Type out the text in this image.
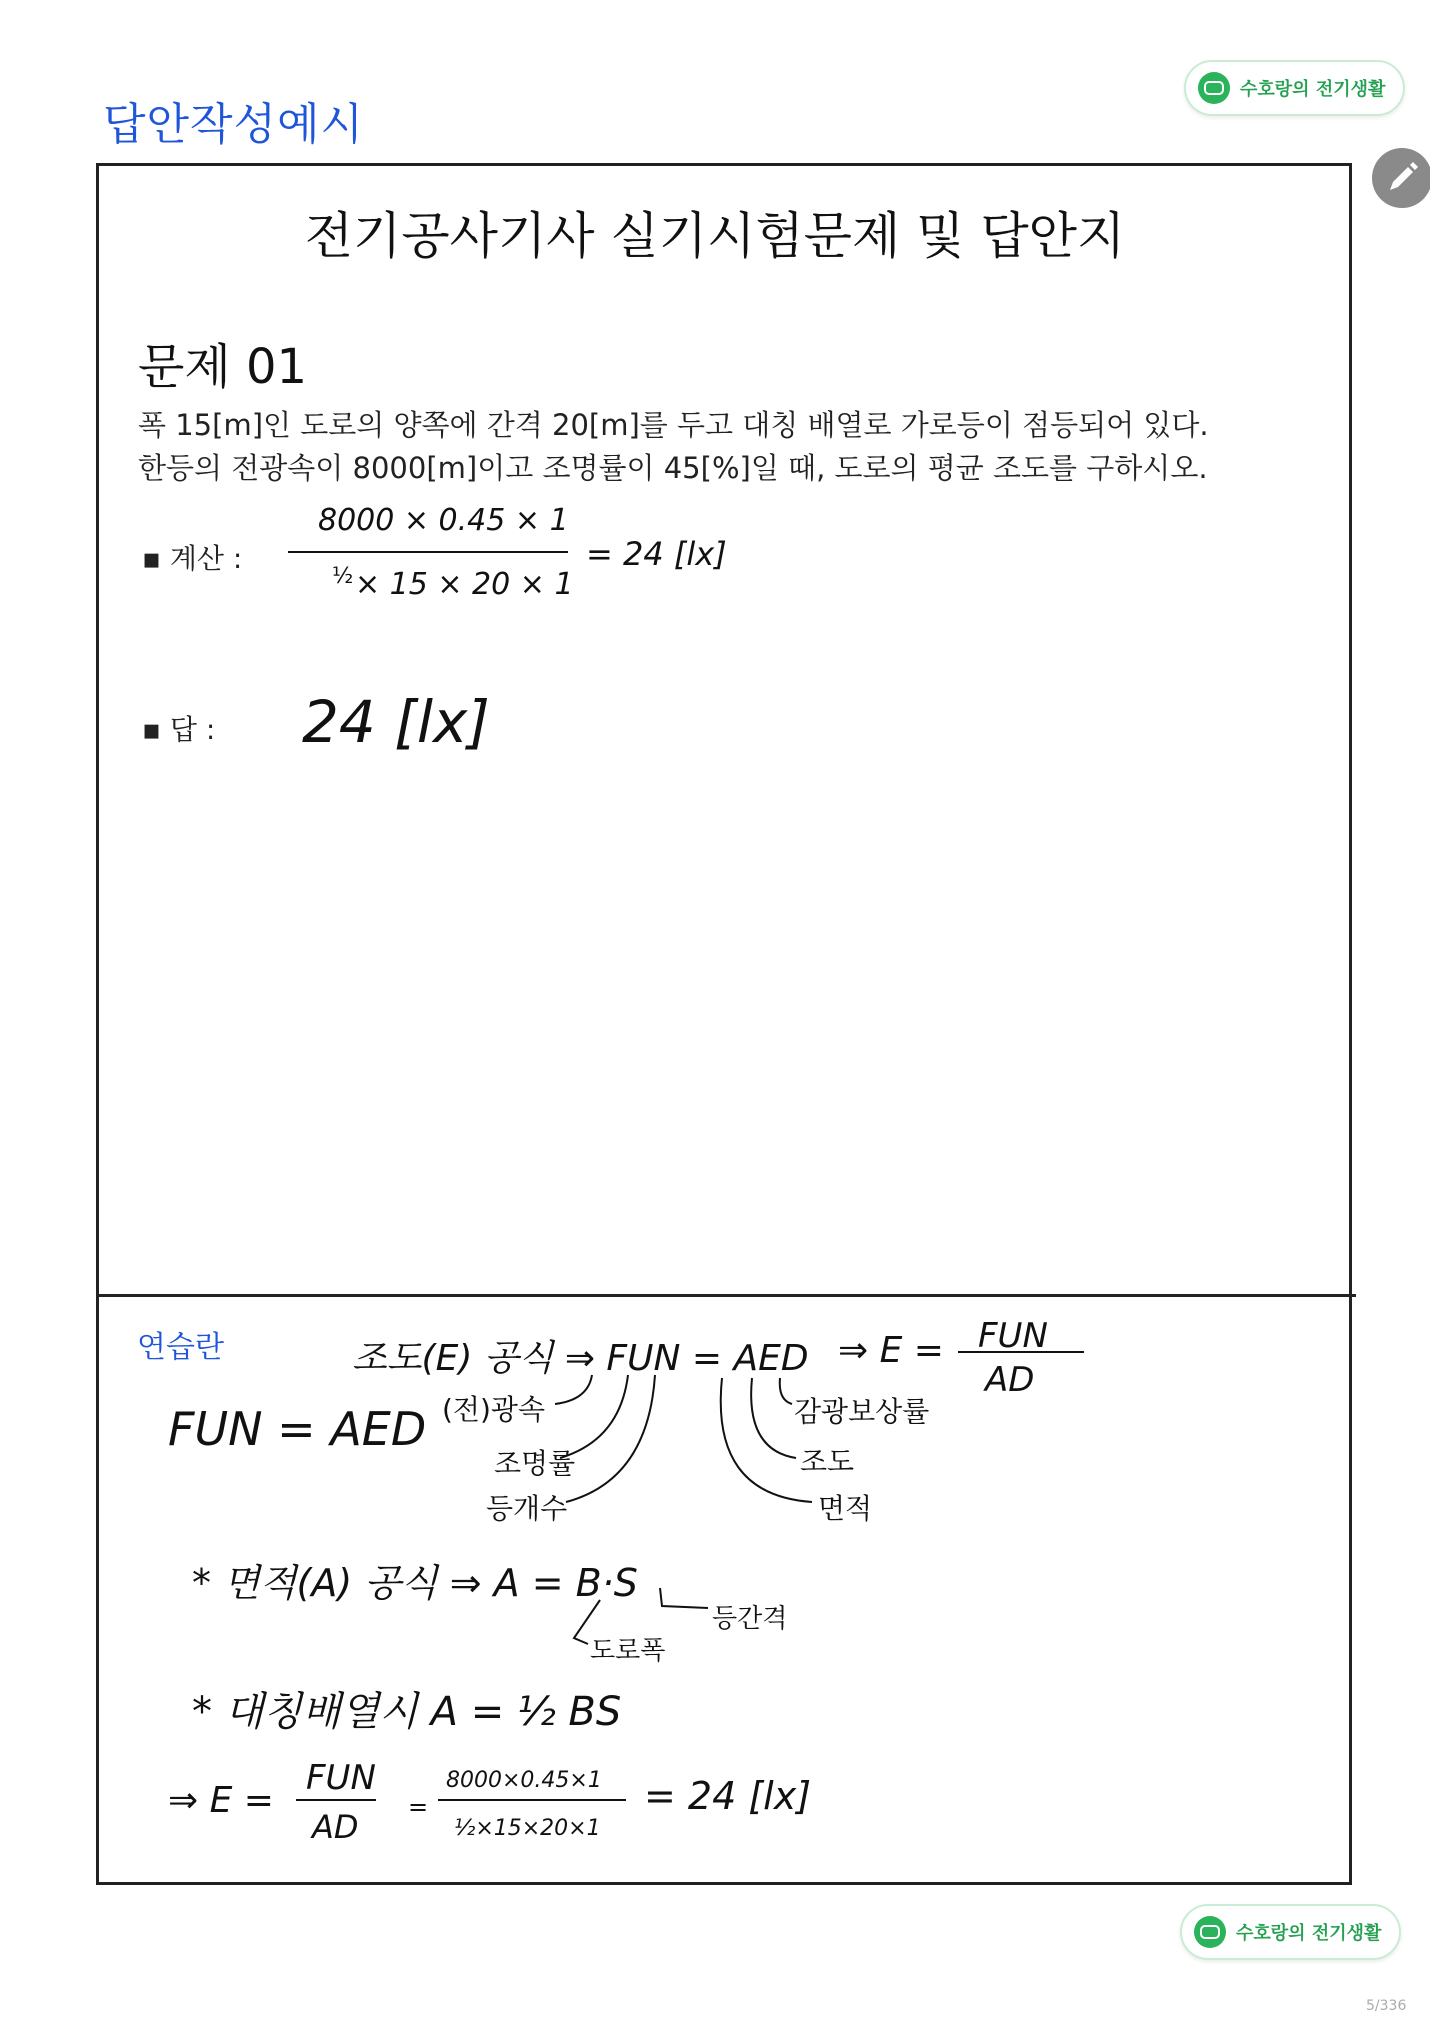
답안작성예시
수호랑의 전기생활
전기공사기사 실기시험문제 및 답안지
문제 01
폭 15[m]인 도로의 양쪽에 간격 20[m]를 두고 대칭 배열로 가로등이 점등되어 있다.
한등의 전광속이 8000[m]이고 조명률이 45[%]일 때, 도로의 평균 조도를 구하시오.
▪ 계산 :
8000 × 0.45 × 1
× 15 × 20 × 1
= 24 [lx]
▪ 답 : 24 [lx]
연습란	조도(E) 공식 ⇒ FUN = AED ⇒ E = FUN
AD
FUN = AED (전)광속
조명률
등개수
감광보상률
조도
면적
* 면적(A) 공식 ⇒ A = B·S
등간격
도로폭
* 대칭배열시 A = ½ BS
⇒ E =
FUN
AD
=
8000×0.45×1
½×15×20×1
= 24 [lx]
½
수호랑의 전기생활
5/336
